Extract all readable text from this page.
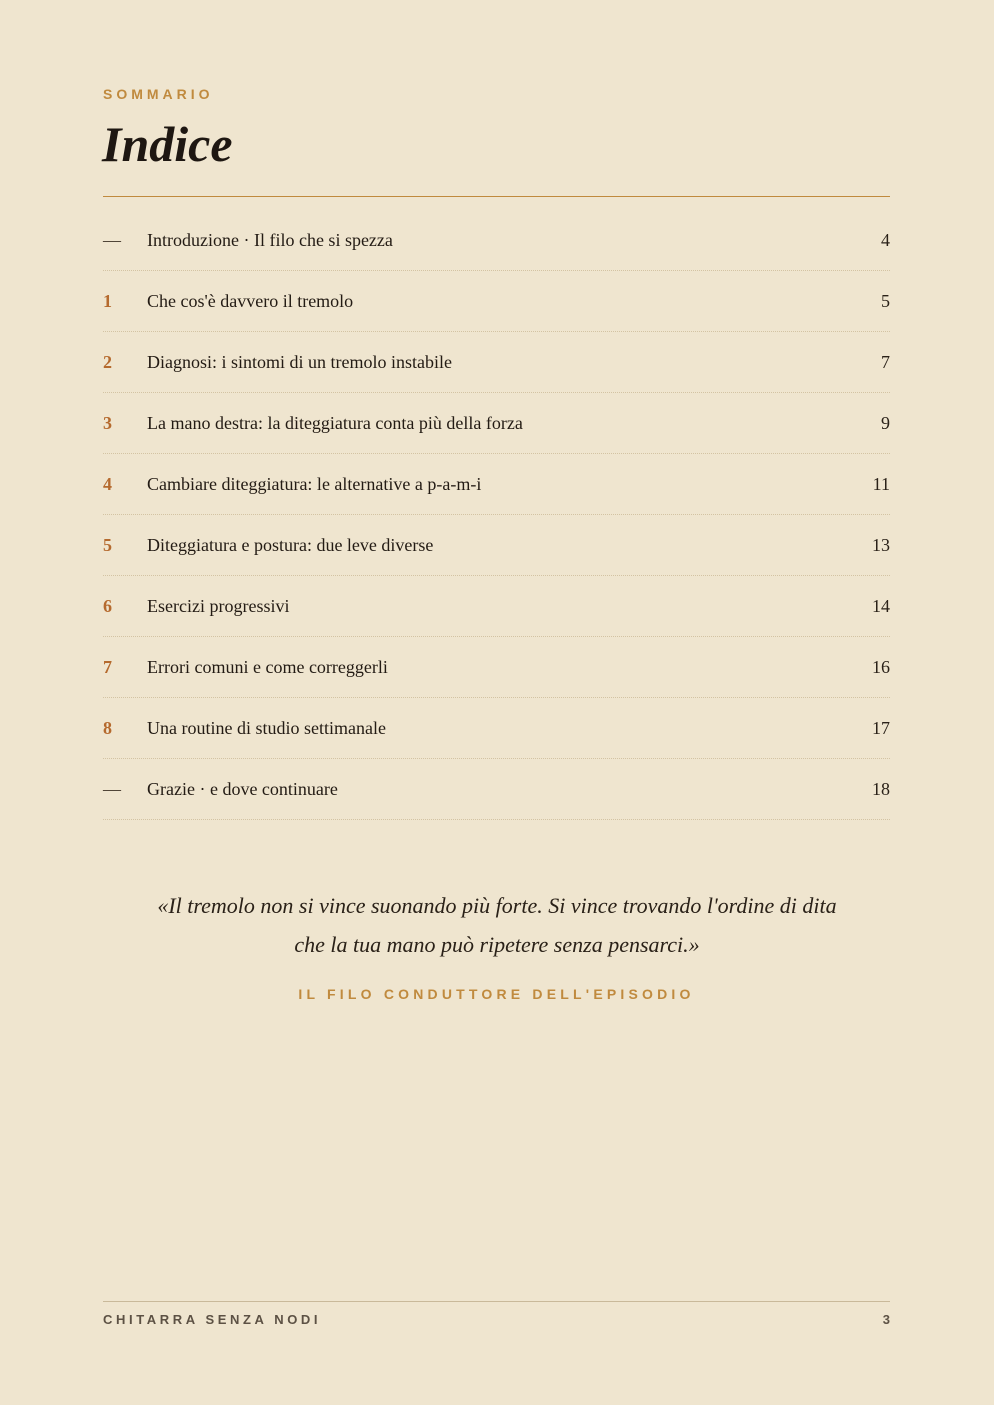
SOMMARIO
Indice
—	Introduzione · Il filo che si spezza	4
1	Che cos'è davvero il tremolo	5
2	Diagnosi: i sintomi di un tremolo instabile	7
3	La mano destra: la diteggiatura conta più della forza	9
4	Cambiare diteggiatura: le alternative a p-a-m-i	11
5	Diteggiatura e postura: due leve diverse	13
6	Esercizi progressivi	14
7	Errori comuni e come correggerli	16
8	Una routine di studio settimanale	17
—	Grazie · e dove continuare	18

«Il tremolo non si vince suonando più forte. Si vince trovando l'ordine di dita che la tua mano può ripetere senza pensarci.»

IL FILO CONDUTTORE DELL'EPISODIO
CHITARRA SENZA NODI	3
